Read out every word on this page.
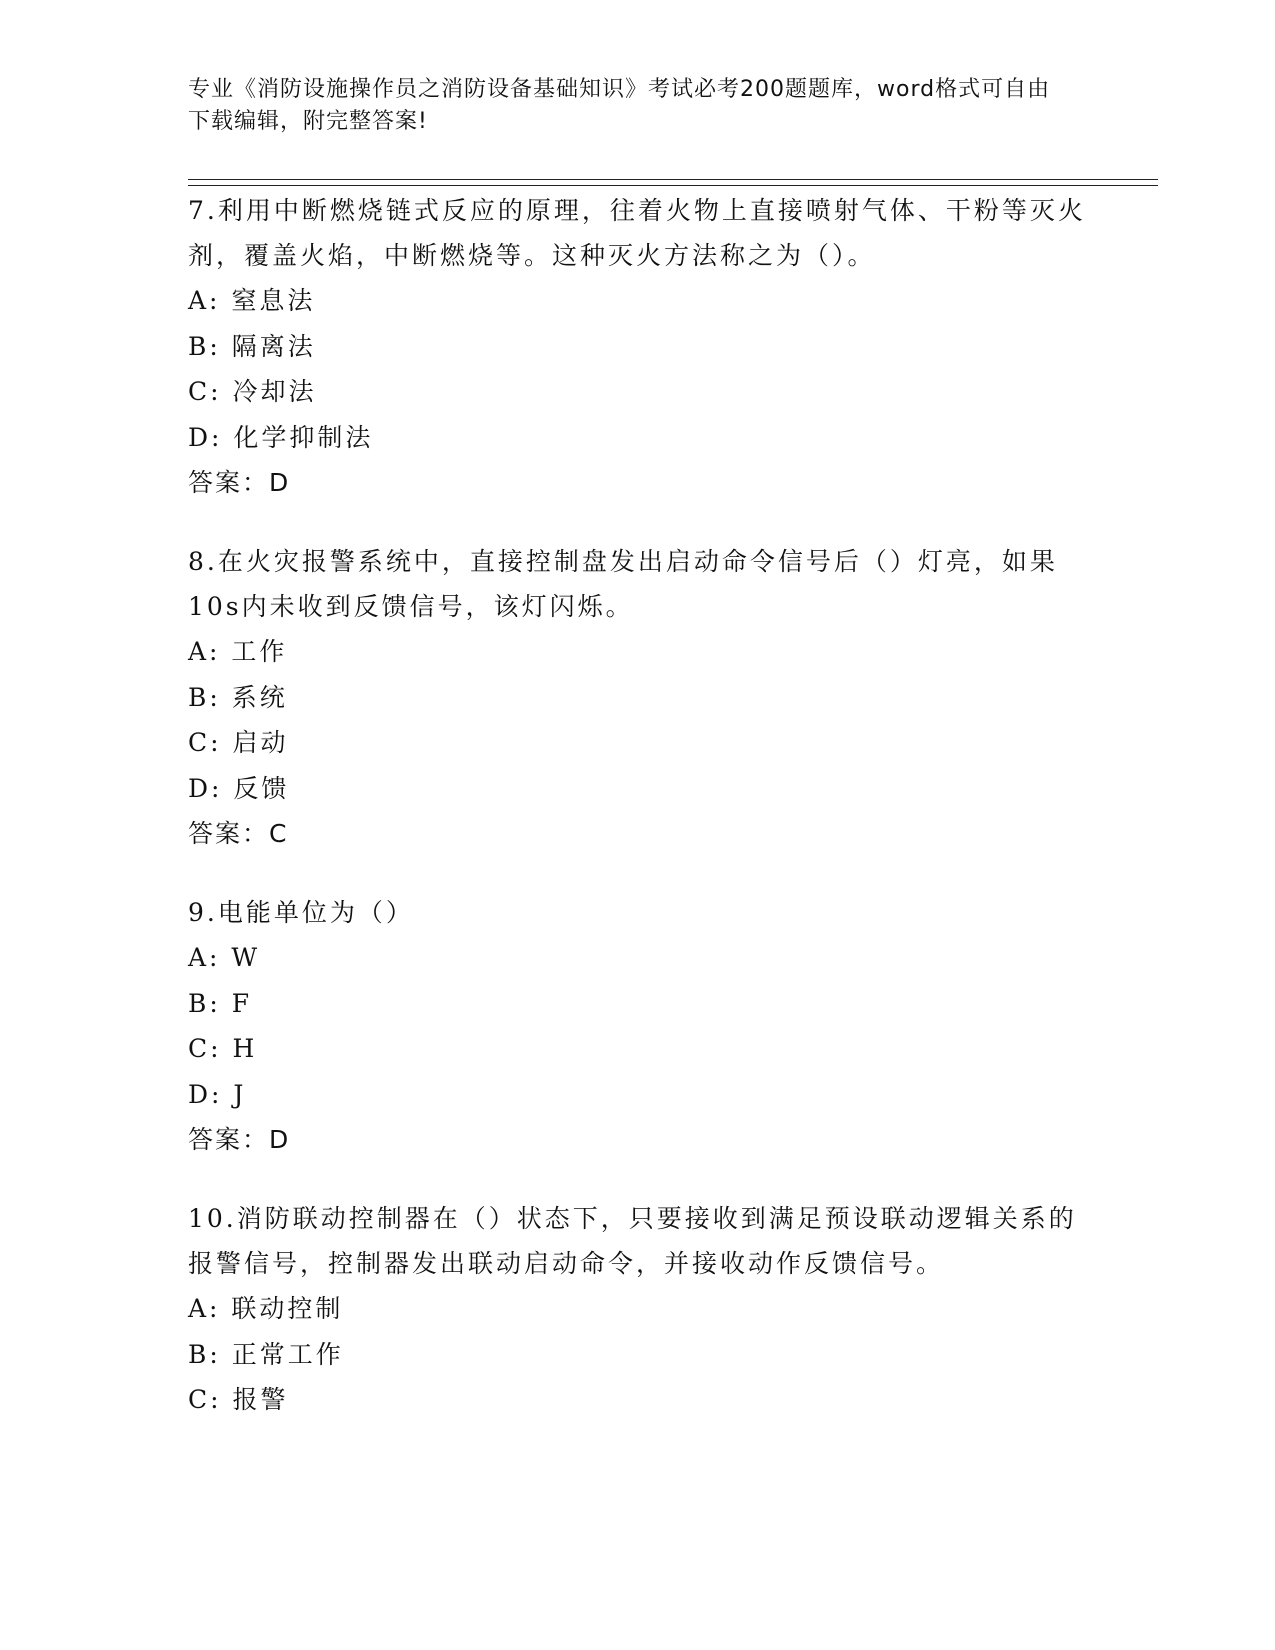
专业《消防设施操作员之消防设备基础知识》考试必考200题题库，word格式可自由下载编辑，附完整答案!

7.利用中断燃烧链式反应的原理，往着火物上直接喷射气体、干粉等灭火剂，覆盖火焰，中断燃烧等。这种灭火方法称之为（）。

A: 窒息法

B: 隔离法

C: 冷却法

D: 化学抑制法

答案：D

8.在火灾报警系统中，直接控制盘发出启动命令信号后（）灯亮，如果10s内未收到反馈信号，该灯闪烁。

A: 工作

B: 系统

C: 启动

D: 反馈

答案：C

9.电能单位为（）

A: W

B: F

C: H

D: J

答案：D

10.消防联动控制器在（）状态下，只要接收到满足预设联动逻辑关系的报警信号，控制器发出联动启动命令，并接收动作反馈信号。

A: 联动控制

B: 正常工作

C: 报警
